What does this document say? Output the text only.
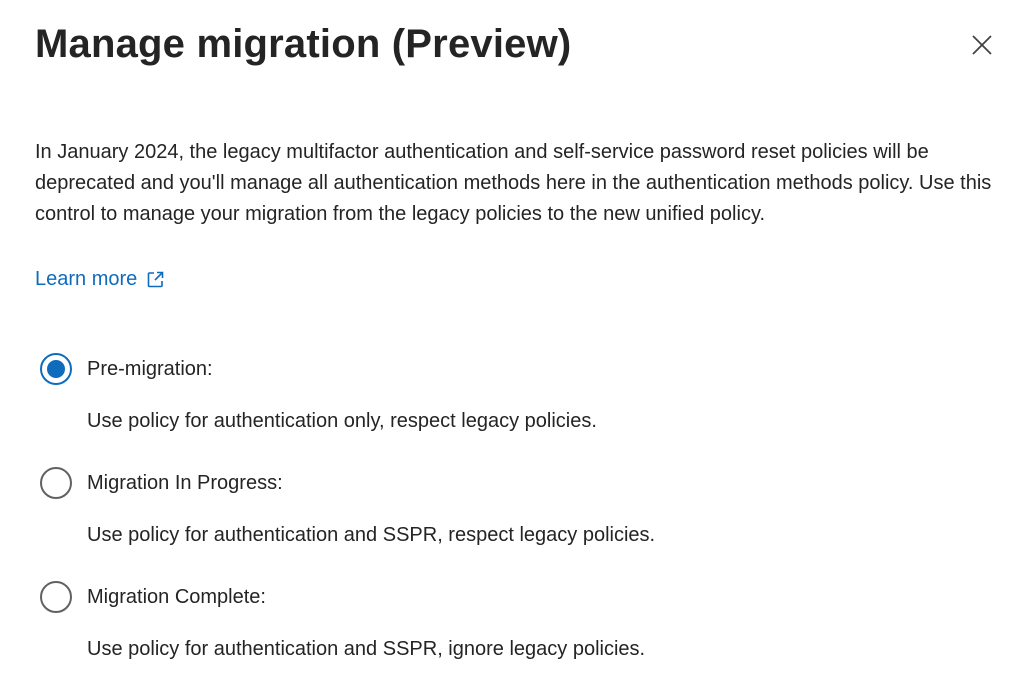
Manage migration (Preview)
In January 2024, the legacy multifactor authentication and self-service password reset policies will be deprecated and you'll manage all authentication methods here in the authentication methods policy. Use this control to manage your migration from the legacy policies to the new unified policy.
Learn more
Pre-migration:
Use policy for authentication only, respect legacy policies.
Migration In Progress:
Use policy for authentication and SSPR, respect legacy policies.
Migration Complete:
Use policy for authentication and SSPR, ignore legacy policies.
